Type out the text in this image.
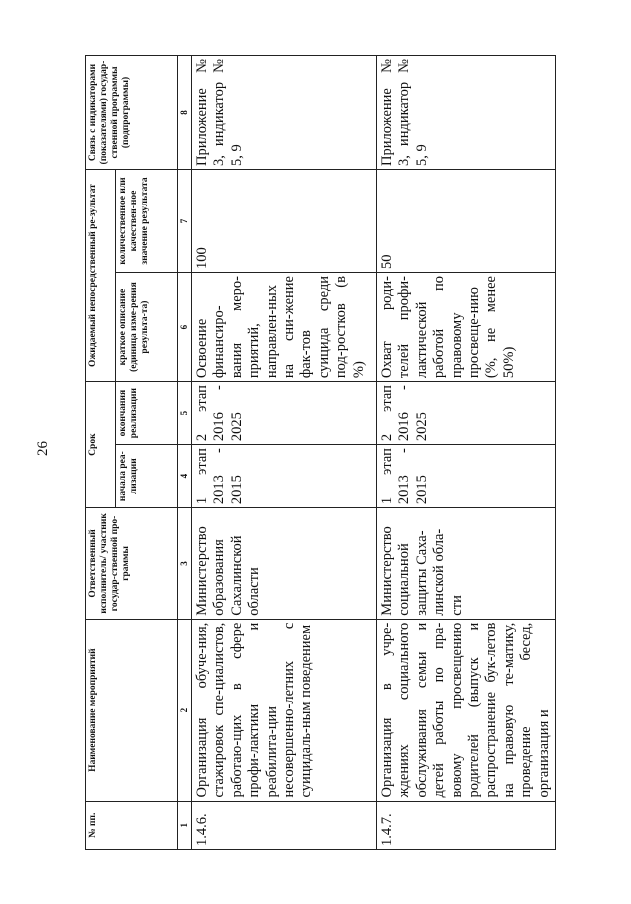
26
№ пп.	Наименование мероприятий	Ответственный исполнитель/ участник государ-ственной про-граммы	Срок		Ожидаемый непосредственный ре-зультат		Связь с индикаторами (показателями) государ-ственной программы (подпрограммы)
			начала реа-лизации	окончания реализации	краткое описание (единица изме-рения результа-та)	количественное или качествен-ное значение результата	
1	2	3	4	5	6	7	8
1.4.6.	Организация обуче-ния, стажировок спе-циалистов, работаю-щих в сфере профи-лактики и реабилита-ции несовершенно-летних с суицидаль-ным поведением	Министерство образования Сахалинской области	1 этап 2013 - 2015	2 этап 2016 - 2025	Освоение финансиро-вания меро-приятий, направлен-ных на сни-жение фак-тов суицида среди под-ростков (в %)	100	Приложение № 3, индикатор № 5, 9
1.4.7.	Организация в учре-ждениях социального обслуживания семьи и детей работы по пра-вовому просвещению родителей (выпуск и распространение бук-летов на правовую те-матику, проведение бесед, организация и	Министерство социальной защиты Саха-линской обла-сти	1 этап 2013 - 2015	2 этап 2016 - 2025	Охват роди-телей профи-лактической работой по правовому просвеще-нию (%, не менее 50%)	50	Приложение № 3, индикатор № 5, 9
